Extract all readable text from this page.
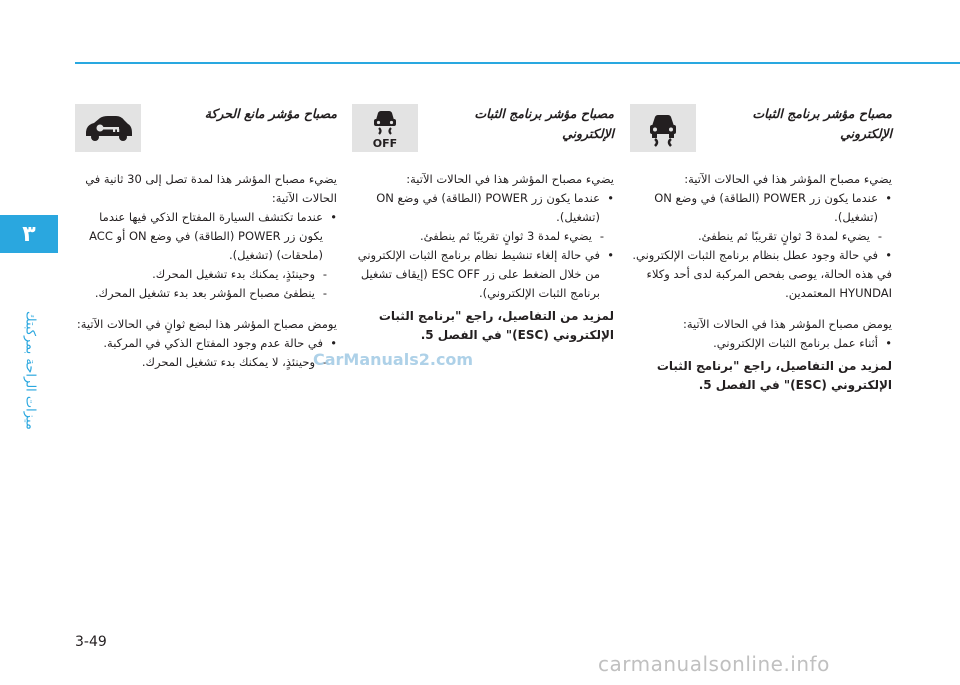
٣
ميزات الراحة بمركبتك
مصباح مؤشر برنامج الثبات الإلكتروني

يضيء مصباح المؤشر هذا في الحالات الآتية:

• عندما يكون زر POWER (الطاقة) في وضع ON (تشغيل).

- يضيء لمدة 3 ثوانٍ تقريبًا ثم ينطفئ.

• في حالة وجود عطل بنظام برنامج الثبات الإلكتروني.

في هذه الحالة، يوصى بفحص المركبة لدى أحد وكلاء HYUNDAI المعتمدين.

يومض مصباح المؤشر هذا في الحالات الآتية:

• أثناء عمل برنامج الثبات الإلكتروني.

لمزيد من التفاصيل، راجع "برنامج الثبات الإلكتروني (ESC)" في الفصل 5.

مصباح مؤشر برنامج الثبات الإلكتروني
OFF

يضيء مصباح المؤشر هذا في الحالات الآتية:

• عندما يكون زر POWER (الطاقة) في وضع ON (تشغيل).

- يضيء لمدة 3 ثوانٍ تقريبًا ثم ينطفئ.

• في حالة إلغاء تنشيط نظام برنامج الثبات الإلكتروني من خلال الضغط على زر ESC OFF (إيقاف تشغيل برنامج الثبات الإلكتروني).

لمزيد من التفاصيل، راجع "برنامج الثبات الإلكتروني (ESC)" في الفصل 5.

مصباح مؤشر مانع الحركة

يضيء مصباح المؤشر هذا لمدة تصل إلى 30 ثانية في الحالات الآتية:

• عندما تكتشف السيارة المفتاح الذكي فيها عندما يكون زر POWER (الطاقة) في وضع ON أو ACC (ملحقات) (تشغيل).

- وحينئذٍ، يمكنك بدء تشغيل المحرك.

- ينطفئ مصباح المؤشر بعد بدء تشغيل المحرك.

يومض مصباح المؤشر هذا لبضع ثوانٍ في الحالات الآتية:

• في حالة عدم وجود المفتاح الذكي في المركبة.

- وحينئذٍ، لا يمكنك بدء تشغيل المحرك.

CarManuals2.com
3-49
carmanualsonline.info
